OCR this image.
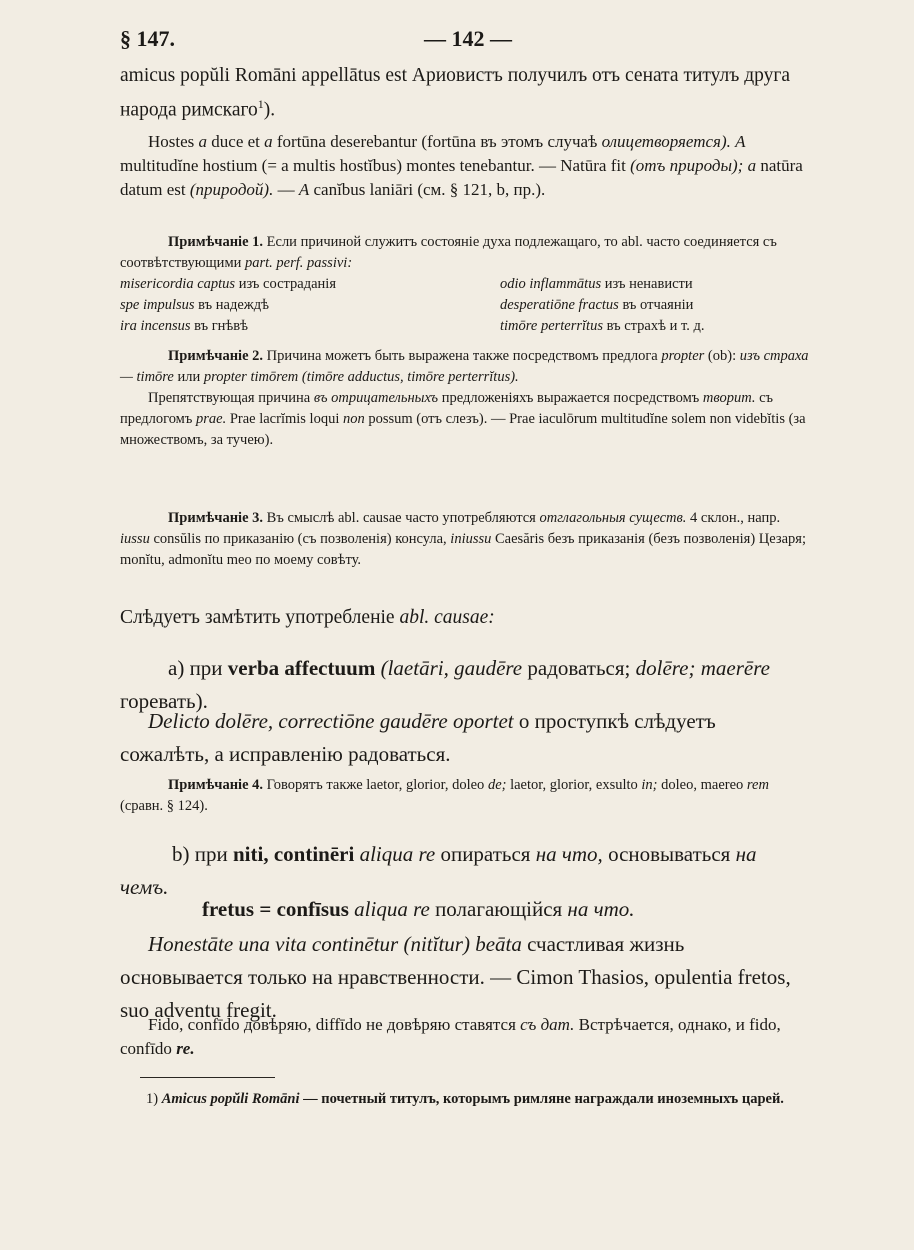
§ 147.	— 142 —

amicus popŭli Romāni appellātus est Ариовистъ получилъ отъ сената титулъ друга народа римскаго$^1$).

Hostes a duce et a fortūna deserebantur (fortūna въ этомъ случаѣ олицетворяется). А multitudĭne hostium (= a multis hostĭbus) montes tenebantur. — Natūra fit (отъ природы); а natūra datum est (природой). — А canĭbus laniāri (см. § 121, b, пр.).

Примѣчаніе 1. Если причиной служитъ состояніе духа подлежащаго, то abl. часто соединяется съ соотвѣтствующими part. perf. passivi:
misericordia captus изъ состраданія	odio inflammātus изъ ненависти
spe impulsus въ надеждѣ	desperatiōne fractus въ отчаяніи
ira incensus въ гнѣвѣ	timōre perterrĭtus въ страхѣ и т. д.
Примѣчаніе 2. Причина можетъ быть выражена также посредствомъ предлога propter (ob): изъ страха — timōre или propter timōrem (timōre adductus, timōre perterrĭtus).
Препятствующая причина въ отрицательныхъ предложеніяхъ выражается посредствомъ творит. съ предлогомъ prae. Prae lacrĭmis loqui non possum (отъ слезъ). — Prae iaculōrum multitudĭne solem non videbĭtis (за множествомъ, за тучею).
Примѣчаніе 3. Въ смыслѣ abl. causae часто употребляются отглагольныя существ. 4 склон., напр. iussu consŭlis по приказанію (съ позволенія) консула, iniussu Caesăris безъ приказанія (безъ позволенія) Цезаря; monĭtu, admonĭtu meo по моему совѣту.

Слѣдуетъ замѣтить употребленіе abl. causae:

a) при verba affectuum (laetāri, gaudēre радоваться; dolēre; maerēre горевать).

Delicto dolēre, correctiōne gaudēre oportet о проступкѣ слѣдуетъ сожалѣть, а исправленію радоваться.

Примѣчаніе 4. Говорятъ также laetor, glorior, doleo de; laetor, glorior, exsulto in; doleo, maereo rem (сравн. § 124).

b) при niti, continēri aliqua re опираться на что, основываться на чемъ.

fretus = confīsus aliqua re полагающійся на что.

Honestāte una vita continētur (nitĭtur) beāta счастливая жизнь основывается только на нравственности. — Cimon Thasios, opulentia fretos, suo adventu fregit.

Fido, confīdo довѣряю, diffīdo не довѣряю ставятся съ дат. Встрѣчается, однако, и fido, confīdo re.

1) Amicus popŭli Romāni — почетный титулъ, которымъ римляне награждали иноземныхъ царей.
